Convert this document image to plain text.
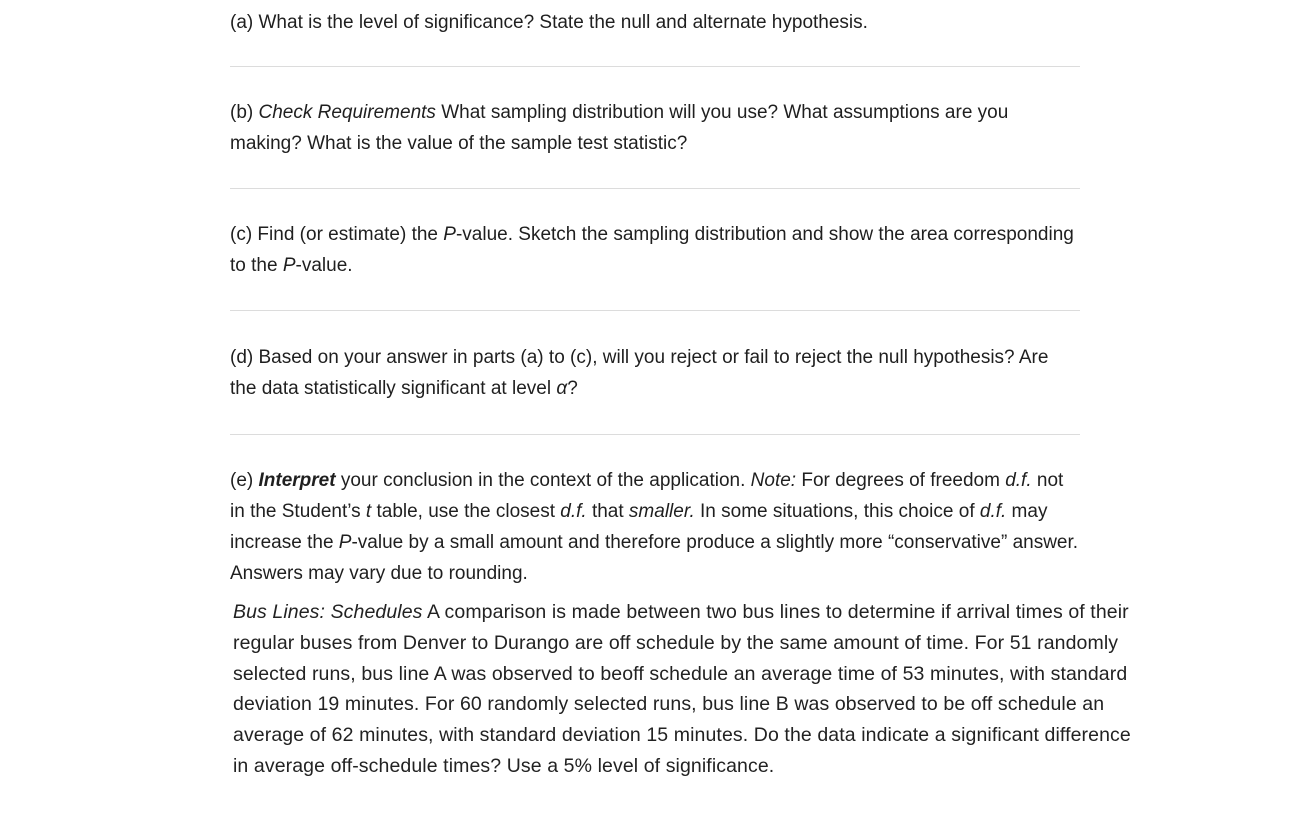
(a) What is the level of significance? State the null and alternate hypothesis.
(b) Check Requirements What sampling distribution will you use? What assumptions are you making? What is the value of the sample test statistic?
(c) Find (or estimate) the P-value. Sketch the sampling distribution and show the area corresponding to the P-value.
(d) Based on your answer in parts (a) to (c), will you reject or fail to reject the null hypothesis? Are the data statistically significant at level α?
(e) Interpret your conclusion in the context of the application. Note: For degrees of freedom d.f. not in the Student’s t table, use the closest d.f. that smaller. In some situations, this choice of d.f. may increase the P-value by a small amount and therefore produce a slightly more “conservative” answer. Answers may vary due to rounding.
Bus Lines: Schedules A comparison is made between two bus lines to determine if arrival times of their regular buses from Denver to Durango are off schedule by the same amount of time. For 51 randomly selected runs, bus line A was observed to beoff schedule an average time of 53 minutes, with standard deviation 19 minutes. For 60 randomly selected runs, bus line B was observed to be off schedule an average of 62 minutes, with standard deviation 15 minutes. Do the data indicate a significant difference in average off-schedule times? Use a 5% level of significance.
